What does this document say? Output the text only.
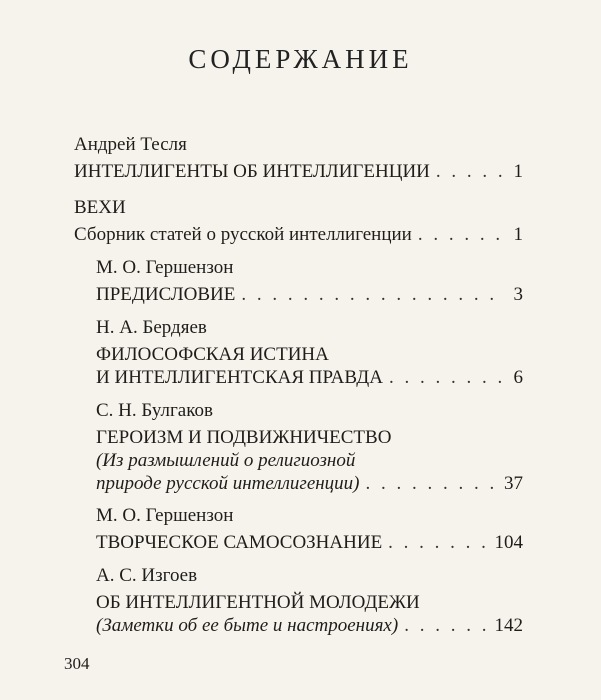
СОДЕРЖАНИЕ
Андрей Тесля
ИНТЕЛЛИГЕНТЫ ОБ ИНТЕЛЛИГЕНЦИИ . . .	1
ВЕХИ
Сборник статей о русской интеллигенции . . .	1
М. О. Гершензон
ПРЕДИСЛОВИЕ . . .	3
Н. А. Бердяев
ФИЛОСОФСКАЯ ИСТИНА
И ИНТЕЛЛИГЕНТСКАЯ ПРАВДА . . .	6
С. Н. Булгаков
ГЕРОИЗМ И ПОДВИЖНИЧЕСТВО
(Из размышлений о религиозной
природе русской интеллигенции) . . .	37
М. О. Гершензон
ТВОРЧЕСКОЕ САМОСОЗНАНИЕ . . .	104
А. С. Изгоев
ОБ ИНТЕЛЛИГЕНТНОЙ МОЛОДЕЖИ
(Заметки об ее быте и настроениях) . . .	142
304
